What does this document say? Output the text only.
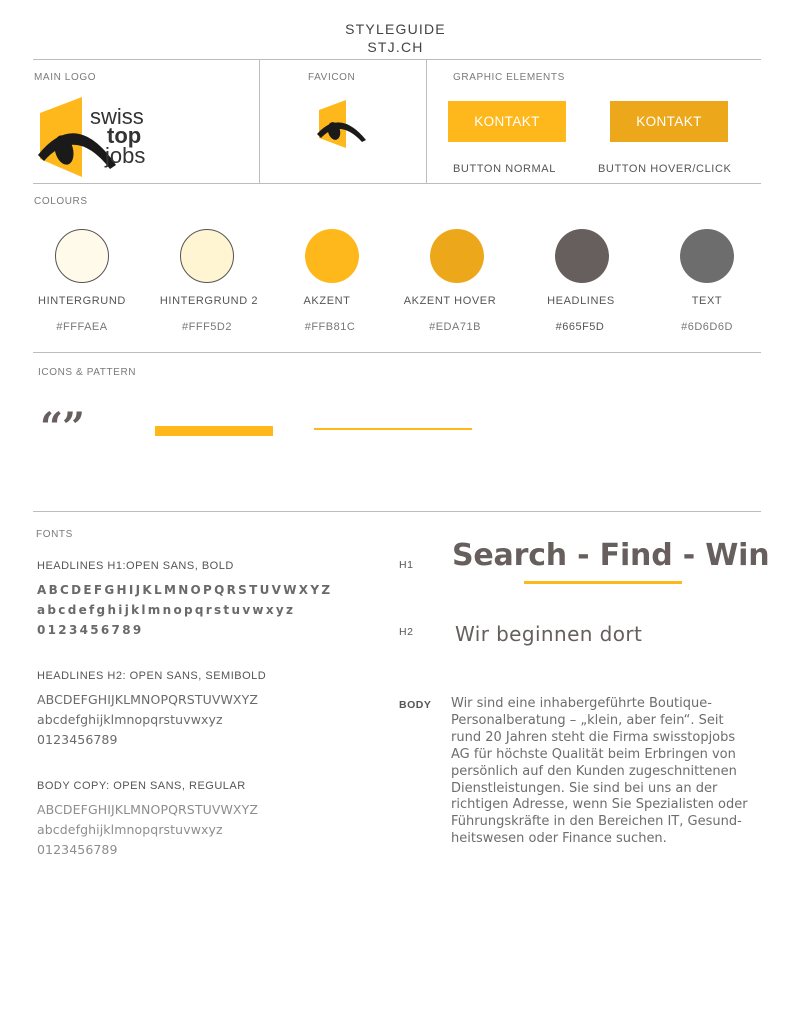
STYLEGUIDE
STJ.CH
MAIN LOGO	FAVICON	GRAPHIC ELEMENTS
COLOURS
ICONS & PATTERN
FONTS
swiss
top
jobs
KONTAKT	KONTAKT
BUTTON NORMAL	BUTTON HOVER/CLICK
HINTERGRUND	HINTERGRUND 2	AKZENT	AKZENT HOVER	HEADLINES	TEXT
#FFFAEA	#FFF5D2	#FFB81C	#EDA71B	#665F5D	#6D6D6D
“”
HEADLINES H1:OPEN SANS, BOLD
ABCDEFGHIJKLMNOPQRSTUVWXYZ
abcdefghijklmnopqrstuvwxyz
0123456789
HEADLINES H2: OPEN SANS, SEMIBOLD
ABCDEFGHIJKLMNOPQRSTUVWXYZ
abcdefghijklmnopqrstuvwxyz
0123456789
BODY COPY: OPEN SANS, REGULAR
ABCDEFGHIJKLMNOPQRSTUVWXYZ
abcdefghijklmnopqrstuvwxyz
0123456789
H1 Search - Find - Win
H2 Wir beginnen dort
BODY Wir sind eine inhabergeführte Boutique-
Personalberatung – „klein, aber fein“. Seit
rund 20 Jahren steht die Firma swisstopjobs
AG für höchste Qualität beim Erbringen von
persönlich auf den Kunden zugeschnittenen
Dienstleistungen. Sie sind bei uns an der
richtigen Adresse, wenn Sie Spezialisten oder
Führungskräfte in den Bereichen IT, Gesund-
heitswesen oder Finance suchen.
